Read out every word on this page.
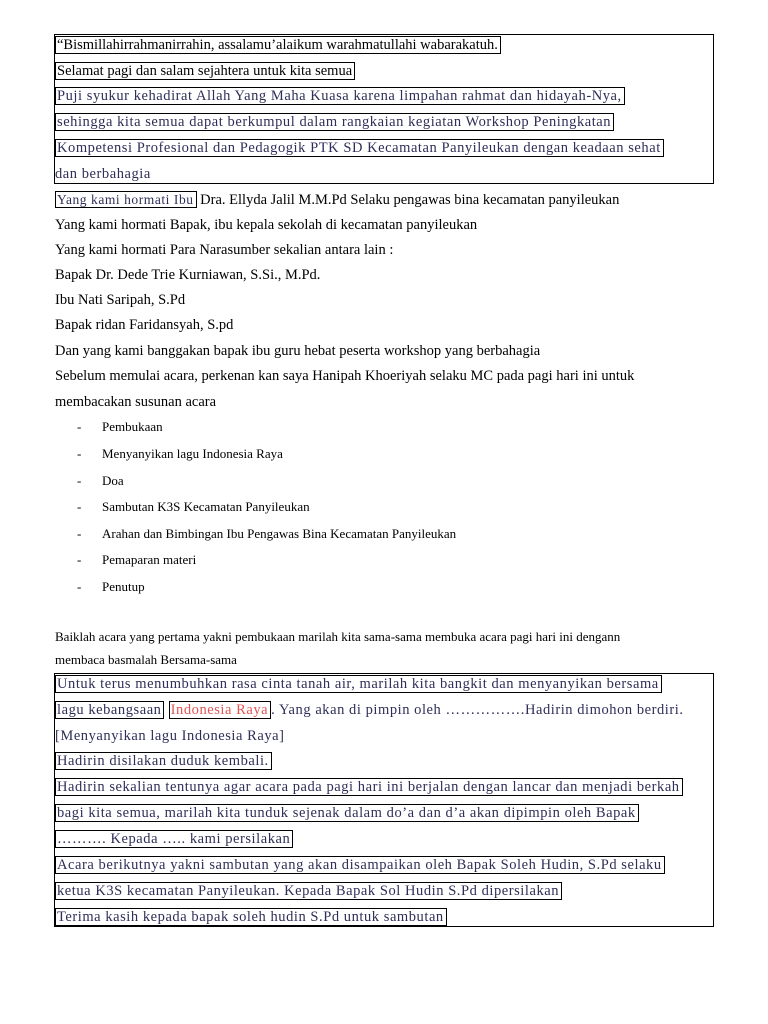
“Bismillahirrahmanirrahin, assalamu’alaikum warahmatullahi wabarakatuh.
Selamat pagi dan salam sejahtera untuk kita semua
Puji syukur kehadirat Allah Yang Maha Kuasa karena limpahan rahmat dan hidayah-Nya,
sehingga kita semua dapat berkumpul dalam rangkaian kegiatan Workshop Peningkatan
Kompetensi Profesional dan Pedagogik PTK SD Kecamatan Panyileukan dengan keadaan sehat
dan berbahagia
Yang kami hormati Ibu Dra. Ellyda Jalil M.M.Pd Selaku pengawas bina kecamatan panyileukan
Yang kami hormati Bapak, ibu kepala sekolah di kecamatan panyileukan
Yang kami hormati Para Narasumber sekalian antara lain :
Bapak Dr. Dede Trie Kurniawan, S.Si., M.Pd.
Ibu Nati Saripah, S.Pd
Bapak ridan Faridansyah, S.pd
Dan yang kami banggakan bapak ibu guru hebat peserta workshop yang berbahagia
Sebelum memulai acara, perkenan kan saya Hanipah Khoeriyah selaku MC pada pagi hari ini untuk
membacakan susunan acara
- Pembukaan
- Menyanyikan lagu Indonesia Raya
- Doa
- Sambutan K3S Kecamatan Panyileukan
- Arahan dan Bimbingan Ibu Pengawas Bina Kecamatan Panyileukan
- Pemaparan materi
- Penutup
Baiklah acara yang pertama yakni pembukaan marilah kita sama-sama membuka acara pagi hari ini dengann
membaca basmalah Bersama-sama
Untuk terus menumbuhkan rasa cinta tanah air, marilah kita bangkit dan menyanyikan bersama
lagu kebangsaan Indonesia Raya . Yang akan di pimpin oleh …………….Hadirin dimohon berdiri.
[Menyanyikan lagu Indonesia Raya]
Hadirin disilakan duduk kembali.
Hadirin sekalian tentunya agar acara pada pagi hari ini berjalan dengan lancar dan menjadi berkah
bagi kita semua, marilah kita tunduk sejenak dalam do’a dan d’a akan dipimpin oleh Bapak
………. Kepada ….. kami persilakan
Acara berikutnya yakni sambutan yang akan disampaikan oleh Bapak Soleh Hudin, S.Pd selaku
ketua K3S kecamatan Panyileukan. Kepada Bapak Sol Hudin S.Pd dipersilakan
Terima kasih kepada bapak soleh hudin S.Pd untuk sambutan
